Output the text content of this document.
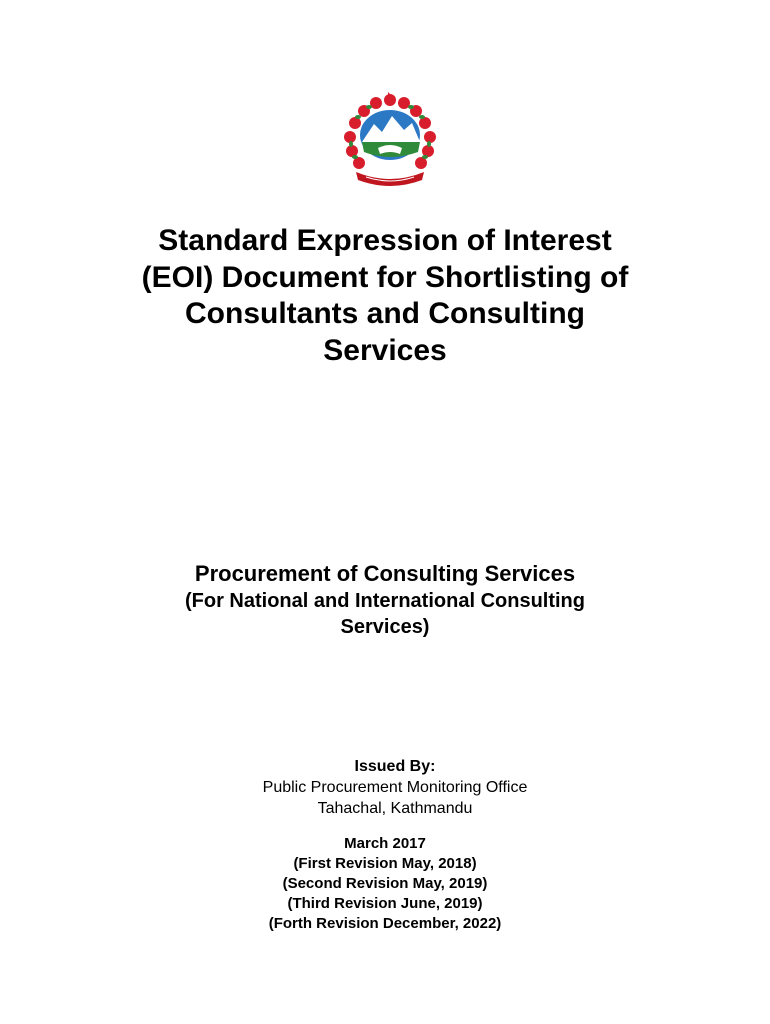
Standard Expression of Interest
(EOI) Document for Shortlisting of
Consultants and Consulting
Services
Procurement of Consulting Services
(For National and International Consulting
Services)
Issued By:
Public Procurement Monitoring Office
Tahachal, Kathmandu
March 2017
(First Revision May, 2018)
(Second Revision May, 2019)
(Third Revision June, 2019)
(Forth Revision December, 2022)
